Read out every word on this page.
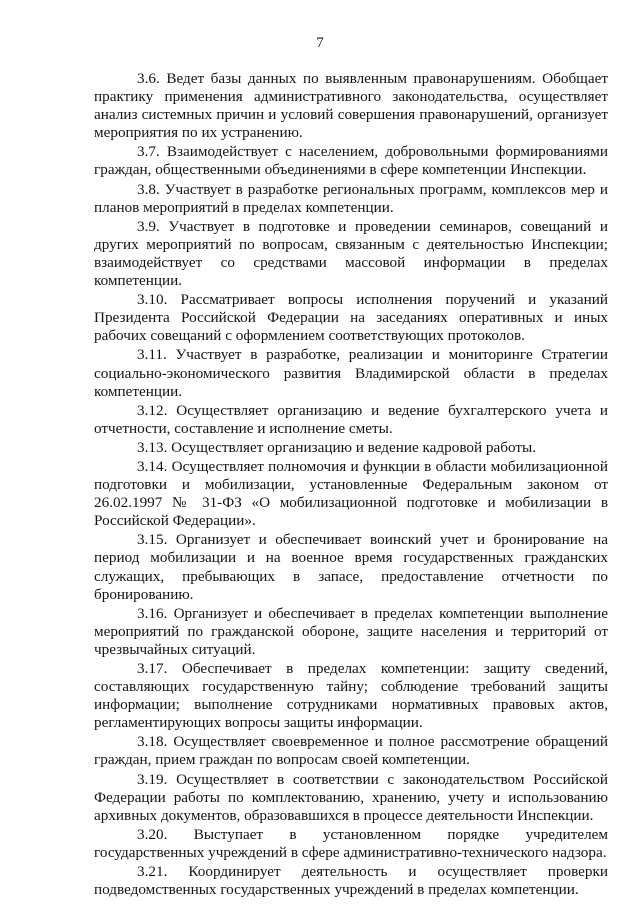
7

3.6. Ведет базы данных по выявленным правонарушениям. Обобщает практику применения административного законодательства, осуществляет анализ системных причин и условий совершения правонарушений, организует мероприятия по их устранению.

3.7. Взаимодействует с населением, добровольными формированиями граждан, общественными объединениями в сфере компетенции Инспекции.

3.8. Участвует в разработке региональных программ, комплексов мер и планов мероприятий в пределах компетенции.

3.9. Участвует в подготовке и проведении семинаров, совещаний и других мероприятий по вопросам, связанным с деятельностью Инспекции; взаимодействует со средствами массовой информации в пределах компетенции.

3.10. Рассматривает вопросы исполнения поручений и указаний Президента Российской Федерации на заседаниях оперативных и иных рабочих совещаний с оформлением соответствующих протоколов.

3.11. Участвует в разработке, реализации и мониторинге Стратегии социально-экономического развития Владимирской области в пределах компетенции.

3.12. Осуществляет организацию и ведение бухгалтерского учета и отчетности, составление и исполнение сметы.

3.13. Осуществляет организацию и ведение кадровой работы.

3.14. Осуществляет полномочия и функции в области мобилизационной подготовки и мобилизации, установленные Федеральным законом от 26.02.1997 № 31-ФЗ «О мобилизационной подготовке и мобилизации в Российской Федерации».

3.15. Организует и обеспечивает воинский учет и бронирование на период мобилизации и на военное время государственных гражданских служащих, пребывающих в запасе, предоставление отчетности по бронированию.

3.16. Организует и обеспечивает в пределах компетенции выполнение мероприятий по гражданской обороне, защите населения и территорий от чрезвычайных ситуаций.

3.17. Обеспечивает в пределах компетенции: защиту сведений, составляющих государственную тайну; соблюдение требований защиты информации; выполнение сотрудниками нормативных правовых актов, регламентирующих вопросы защиты информации.

3.18. Осуществляет своевременное и полное рассмотрение обращений граждан, прием граждан по вопросам своей компетенции.

3.19. Осуществляет в соответствии с законодательством Российской Федерации работы по комплектованию, хранению, учету и использованию архивных документов, образовавшихся в процессе деятельности Инспекции.

3.20. Выступает в установленном порядке учредителем государственных учреждений в сфере административно-технического надзора.

3.21. Координирует деятельность и осуществляет проверки подведомственных государственных учреждений в пределах компетенции.
